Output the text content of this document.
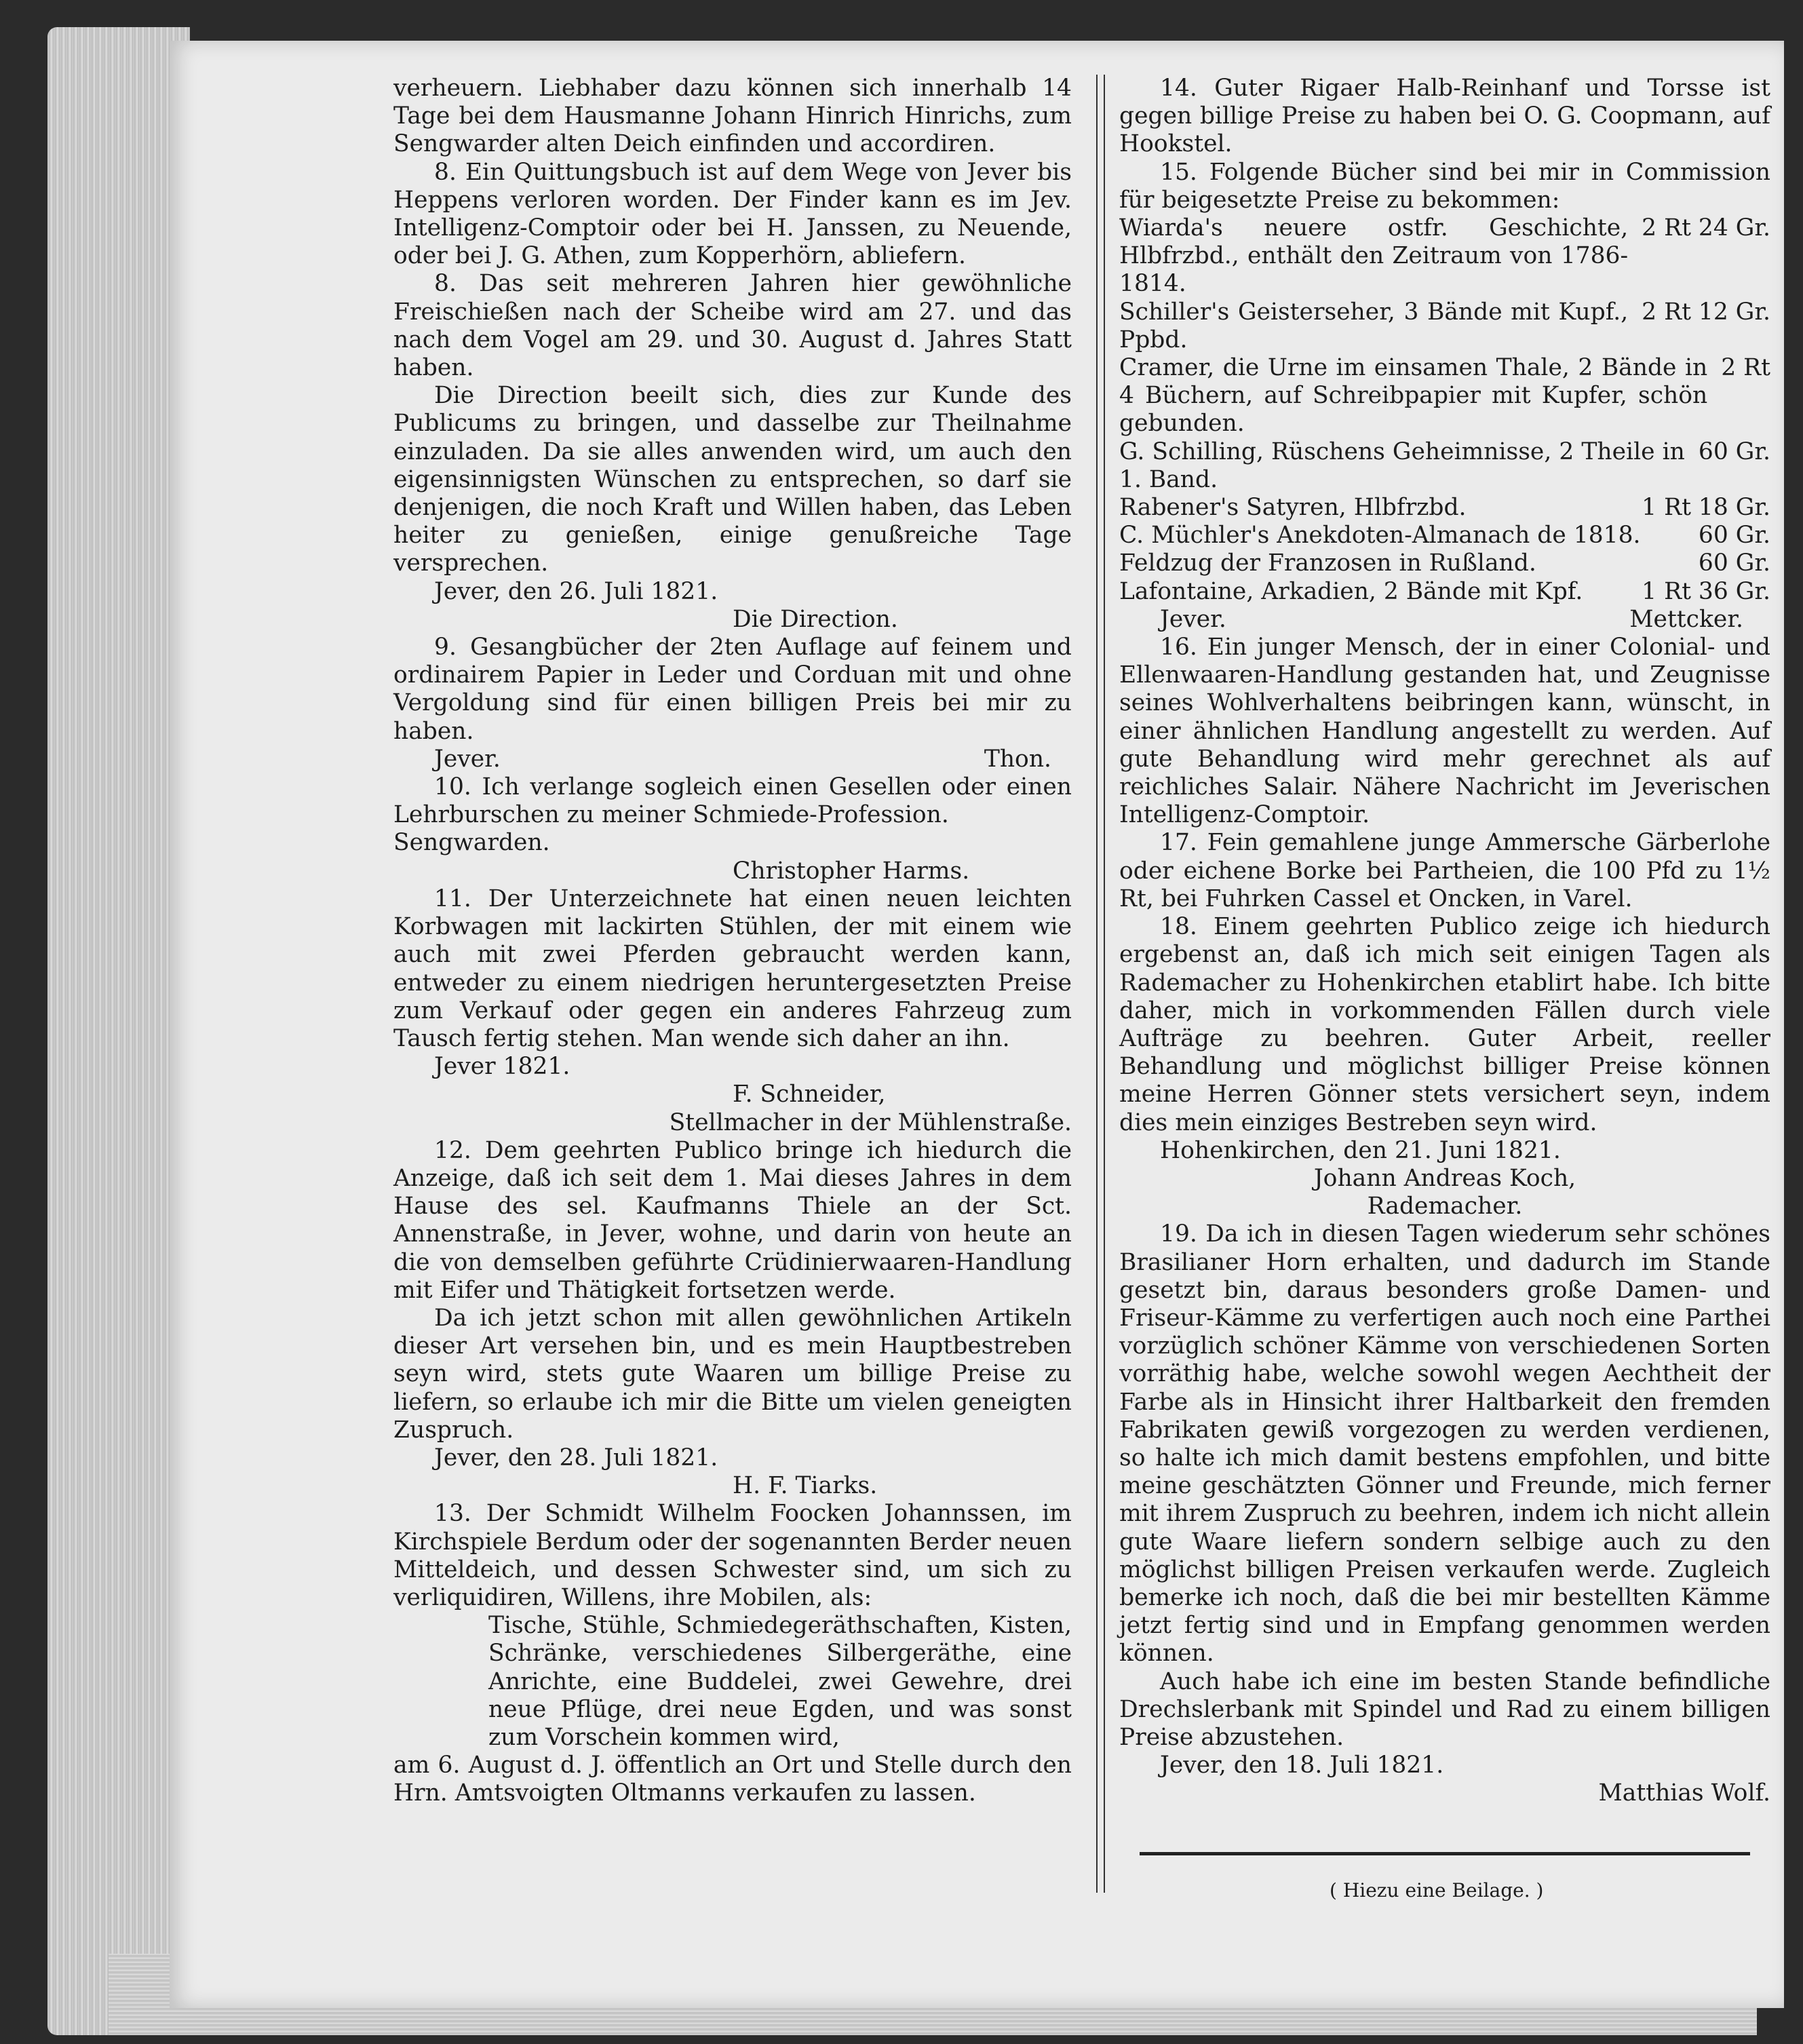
verheuern. Liebhaber dazu können sich innerhalb 14 Tage bei dem Hausmanne Johann Hinrich Hinrichs, zum Sengwarder alten Deich einfinden und accordiren.

8. Ein Quittungsbuch ist auf dem Wege von Jever bis Heppens verloren worden. Der Finder kann es im Jev. Intelligenz-Comptoir oder bei H. Janssen, zu Neuende, oder bei J. G. Athen, zum Kopperhörn, abliefern.

8. Das seit mehreren Jahren hier gewöhnliche Freischießen nach der Scheibe wird am 27. und das nach dem Vogel am 29. und 30. August d. Jahres Statt haben.

Die Direction beeilt sich, dies zur Kunde des Publicums zu bringen, und dasselbe zur Theilnahme einzuladen. Da sie alles anwenden wird, um auch den eigensinnigsten Wünschen zu entsprechen, so darf sie denjenigen, die noch Kraft und Willen haben, das Leben heiter zu genießen, einige genußreiche Tage versprechen.

Jever, den 26. Juli 1821.

Die Direction.

9. Gesangbücher der 2ten Auflage auf feinem und ordinairem Papier in Leder und Corduan mit und ohne Vergoldung sind für einen billigen Preis bei mir zu haben.

Jever.	Thon.

10. Ich verlange sogleich einen Gesellen oder einen Lehrburschen zu meiner Schmiede-Profession.

Sengwarden.

Christopher Harms.

11. Der Unterzeichnete hat einen neuen leichten Korbwagen mit lackirten Stühlen, der mit einem wie auch mit zwei Pferden gebraucht werden kann, entweder zu einem niedrigen heruntergesetzten Preise zum Verkauf oder gegen ein anderes Fahrzeug zum Tausch fertig stehen. Man wende sich daher an ihn.

Jever 1821.

F. Schneider,

Stellmacher in der Mühlenstraße.

12. Dem geehrten Publico bringe ich hiedurch die Anzeige, daß ich seit dem 1. Mai dieses Jahres in dem Hause des sel. Kaufmanns Thiele an der Sct. Annenstraße, in Jever, wohne, und darin von heute an die von demselben geführte Crüdinierwaaren-Handlung mit Eifer und Thätigkeit fortsetzen werde.

Da ich jetzt schon mit allen gewöhnlichen Artikeln dieser Art versehen bin, und es mein Hauptbestreben seyn wird, stets gute Waaren um billige Preise zu liefern, so erlaube ich mir die Bitte um vielen geneigten Zuspruch.

Jever, den 28. Juli 1821.

H. F. Tiarks.

13. Der Schmidt Wilhelm Foocken Johannssen, im Kirchspiele Berdum oder der sogenannten Berder neuen Mitteldeich, und dessen Schwester sind, um sich zu verliquidiren, Willens, ihre Mobilen, als:

Tische, Stühle, Schmiedegeräthschaften, Kisten, Schränke, verschiedenes Silbergeräthe, eine Anrichte, eine Buddelei, zwei Gewehre, drei neue Pflüge, drei neue Egden, und was sonst zum Vorschein kommen wird,

am 6. August d. J. öffentlich an Ort und Stelle durch den Hrn. Amtsvoigten Oltmanns verkaufen zu lassen.

14. Guter Rigaer Halb-Reinhanf und Torsse ist gegen billige Preise zu haben bei O. G. Coopmann, auf Hookstel.

15. Folgende Bücher sind bei mir in Commission für beigesetzte Preise zu bekommen:

Wiarda's neuere ostfr. Geschichte, Hlbfrzbd., enthält den Zeitraum von 1786-1814.
2 Rt 24 Gr.

Schiller's Geisterseher, 3 Bände mit Kupf., Ppbd.
2 Rt 12 Gr.

Cramer, die Urne im einsamen Thale, 2 Bände in 4 Büchern, auf Schreibpapier mit Kupfer, schön gebunden.
2 Rt

G. Schilling, Rüschens Geheimnisse, 2 Theile in 1. Band.
60 Gr.

Rabener's Satyren, Hlbfrzbd.	1 Rt 18 Gr.

C. Müchler's Anekdoten-Almanach de 1818.	60 Gr.

Feldzug der Franzosen in Rußland.	60 Gr.

Lafontaine, Arkadien, 2 Bände mit Kpf.	1 Rt 36 Gr.

Jever.	Mettcker.

16. Ein junger Mensch, der in einer Colonial- und Ellenwaaren-Handlung gestanden hat, und Zeugnisse seines Wohlverhaltens beibringen kann, wünscht, in einer ähnlichen Handlung angestellt zu werden. Auf gute Behandlung wird mehr gerechnet als auf reichliches Salair. Nähere Nachricht im Jeverischen Intelligenz-Comptoir.

17. Fein gemahlene junge Ammersche Gärberlohe oder eichene Borke bei Partheien, die 100 Pfd zu 1½ Rt, bei Fuhrken Cassel et Oncken, in Varel.

18. Einem geehrten Publico zeige ich hiedurch ergebenst an, daß ich mich seit einigen Tagen als Rademacher zu Hohenkirchen etablirt habe. Ich bitte daher, mich in vorkommenden Fällen durch viele Aufträge zu beehren. Guter Arbeit, reeller Behandlung und möglichst billiger Preise können meine Herren Gönner stets versichert seyn, indem dies mein einziges Bestreben seyn wird.

Hohenkirchen, den 21. Juni 1821.

Johann Andreas Koch,

Rademacher.

19. Da ich in diesen Tagen wiederum sehr schönes Brasilianer Horn erhalten, und dadurch im Stande gesetzt bin, daraus besonders große Damen- und Friseur-Kämme zu verfertigen auch noch eine Parthei vorzüglich schöner Kämme von verschiedenen Sorten vorräthig habe, welche sowohl wegen Aechtheit der Farbe als in Hinsicht ihrer Haltbarkeit den fremden Fabrikaten gewiß vorgezogen zu werden verdienen, so halte ich mich damit bestens empfohlen, und bitte meine geschätzten Gönner und Freunde, mich ferner mit ihrem Zuspruch zu beehren, indem ich nicht allein gute Waare liefern sondern selbige auch zu den möglichst billigen Preisen verkaufen werde. Zugleich bemerke ich noch, daß die bei mir bestellten Kämme jetzt fertig sind und in Empfang genommen werden können.

Auch habe ich eine im besten Stande befindliche Drechslerbank mit Spindel und Rad zu einem billigen Preise abzustehen.

Jever, den 18. Juli 1821.

Matthias Wolf.

( Hiezu eine Beilage. )
